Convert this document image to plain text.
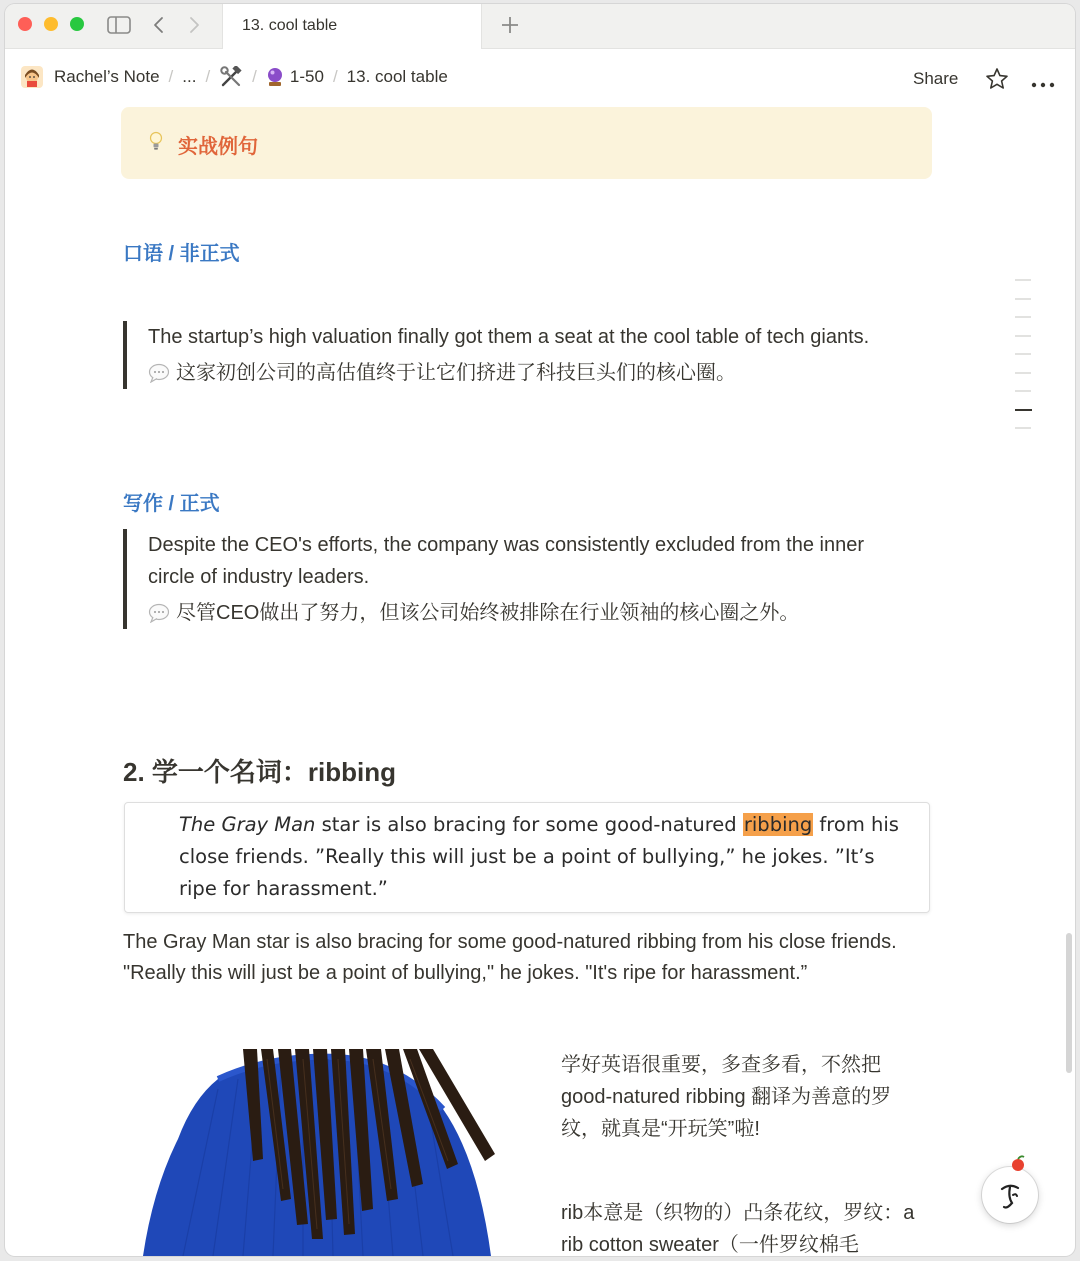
13. cool table
Rachel’s Note / ... / / 1-50 / 13. cool table	Share
实战例句
口语 / 非正式
The startup’s high valuation finally got them a seat at the cool table of tech giants.
这家初创公司的高估值终于让它们挤进了科技巨头们的核心圈。
写作 / 正式
Despite the CEO's efforts, the company was consistently excluded from the inner circle of industry leaders.
尽管CEO做出了努力，但该公司始终被排除在行业领袖的核心圈之外。
2. 学一个名词：ribbing
The Gray Man star is also bracing for some good-natured ribbing from his close friends. ”Really this will just be a point of bullying,” he jokes. ”It’s ripe for harassment.”
The Gray Man star is also bracing for some good-natured ribbing from his close friends. "Really this will just be a point of bullying," he jokes. "It's ripe for harassment.”
学好英语很重要，多查多看，不然把good-natured ribbing 翻译为善意的罗纹，就真是“开玩笑”啦!
rib本意是（织物的）凸条花纹，罗纹：a rib cotton sweater（一件罗纹棉毛
